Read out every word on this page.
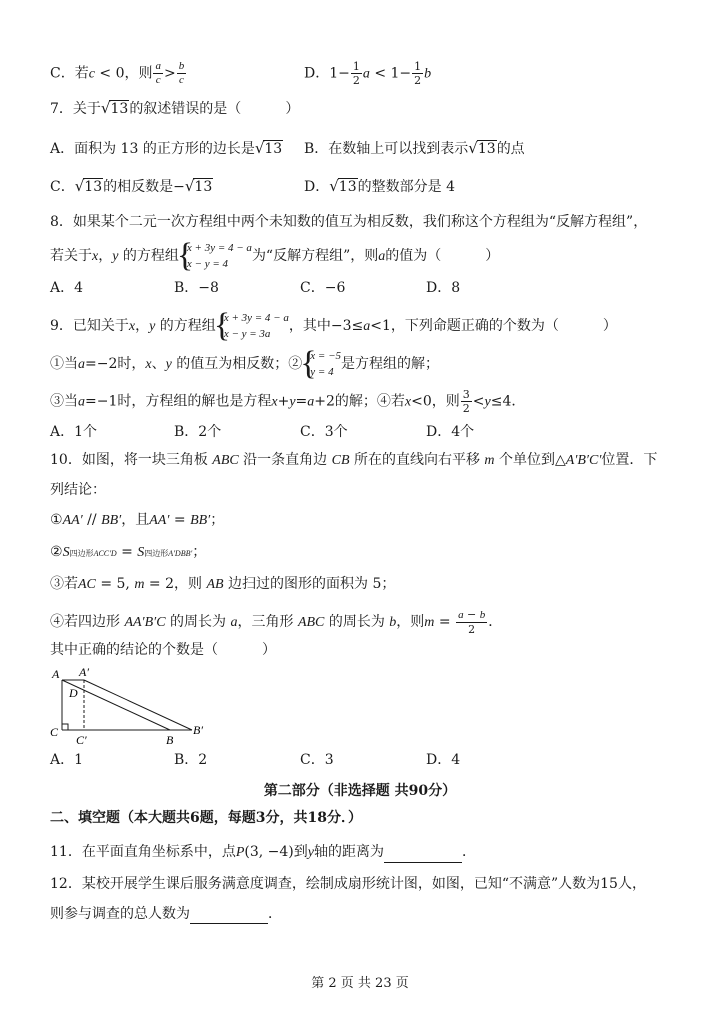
C．若c < 0，则 $\frac{a}{c} > \frac{b}{c}$	D．$1- \frac{1}{2}$ $a < 1- \frac{1}{2}$ b
7．关于√13的叙述错误的是（	）
A．面积为 13 的正方形的边长是√13 B．在数轴上可以找到表示√13的点
C．√13的相反数是−√13	D．√13的整数部分是 4
8．如果某个二元一次方程组中两个未知数的值互为相反数，我们称这个方程组为“反解方程组”，
若关于x，y 的方程组 { x + 3y = 4 − a
x − y = 4	为“反解方程组”，则a的值为（	）
A．4	B．−8	C．−6	D．8
9．已知关于x，y 的方程组 { x + 3y = 4 − a
x − y = 3a	，其中−3≤a<1，下列命题正确的个数为（	）
①当a=−2时，x、y 的值互为相反数；② { x = −5
y = 4 是方程组的解；
③当a=−1时，方程组的解也是方程x+y=a+2的解；④若x<0，则 $\frac{3}{2} <y\le 4$．
A．1个	B．2个	C．3个	D．4个
10．如图，将一块三角板 ABC 沿一条直角边 CB 所在的直线向右平移 m 个单位到△A′B′C′位置．下
列结论：
①AA′ // BB′，且AA′ = BB′；
②S四边形ACC′D = S四边形A′DBB′；
③若AC = 5, m = 2，则 AB 边扫过的图形的面积为 5；
④若四边形 AA′B′C 的周长为 a，三角形 ABC 的周长为 b，则$m = \frac{a - b}{2}$ ．
其中正确的结论的个数是（	）
A A′
D
C
C′	B
B′
A．1	B．2	C．3	D．4
第二部分（非选择题 共90分）
二、填空题（本大题共6题，每题3分，共18分．）
11．在平面直角坐标系中，点P(3, −4)到y轴的距离为	．
12．某校开展学生课后服务满意度调查，绘制成扇形统计图，如图，已知“不满意”人数为15人，
则参与调查的总人数为	．
第 2 页 共 23 页
